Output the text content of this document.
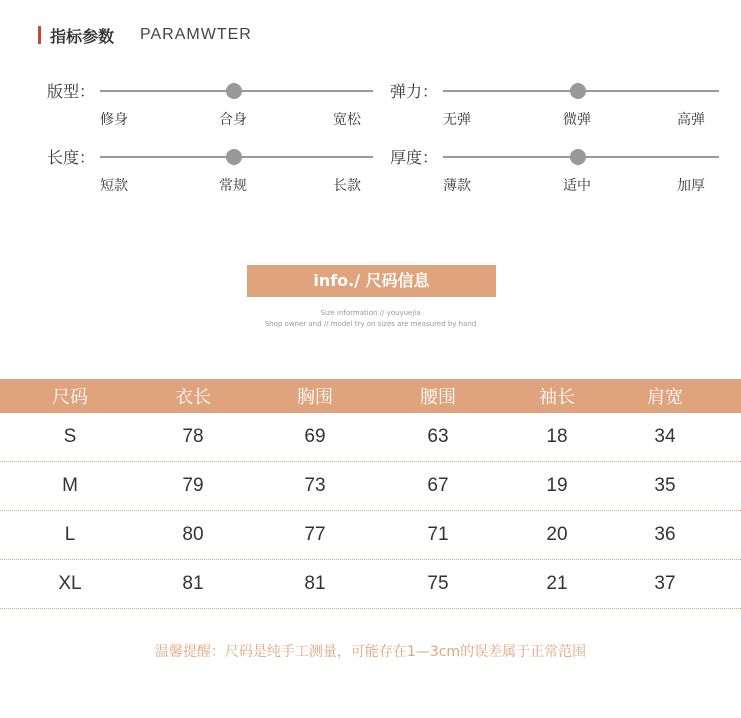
指标参数 PARAMWTER
版型：
修身	合身	宽松
弹力：
无弹	微弹	高弹
长度：
短款	常规	长款
厚度：
薄款	适中	加厚
info./ 尺码信息
Size information // youyuejia
Shop owner and // model try on sizes are measured by hand
尺码	衣长	胸围	腰围	袖长	肩宽
S	78	69	63	18	34
M	79	73	67	19	35
L	80	77	71	20	36
XL	81	81	75	21	37
温馨提醒：尺码是纯手工测量，可能存在1—3cm的误差属于正常范围
